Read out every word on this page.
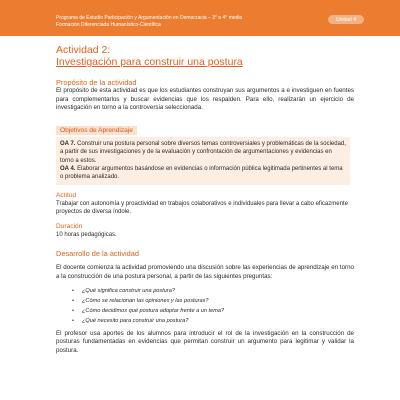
Programa de Estudio Participación y Argumentación en Democracia – 3° o 4° medio
Formación Diferenciada Humanístico-Científica
Unidad 4
Actividad 2:
Investigación para construir una postura
Propósito de la actividad
El propósito de esta actividad es que los estudiantes construyan sus argumentos a e investiguen en fuentes para complementarlos y buscar evidencias que los respalden. Para ello, realizarán un ejercicio de investigación en torno a la controversia seleccionada.
Objetivos de Aprendizaje
OA 7. Construir una postura personal sobre diversos temas controversiales y problemáticas de la sociedad, a partir de sus investigaciones y de la evaluación y confrontación de argumentaciones y evidencias en torno a estos.
OA 4. Elaborar argumentos basándose en evidencias o información pública legitimada pertinentes al tema o problema analizado.
Actitud
Trabajar con autonomía y proactividad en trabajos colaborativos e individuales para llevar a cabo eficazmente proyectos de diversa índole.
Duración
10 horas pedagógicas.
Desarrollo de la actividad
El docente comienza la actividad promoviendo una discusión sobre las experiencias de aprendizaje en torno a la construcción de una postura personal, a partir de las siguientes preguntas:
• ¿Qué significa construir una postura?
• ¿Cómo se relacionan las opiniones y las posturas?
• ¿Cómo decidimos qué postura adoptar frente a un tema?
• ¿Qué necesito para construir una postura?
El profesor usa aportes de los alumnos para introducir el rol de la investigación en la construcción de posturas fundamentadas en evidencias que permitan construir un argumento para legitimar y validar la postura.
